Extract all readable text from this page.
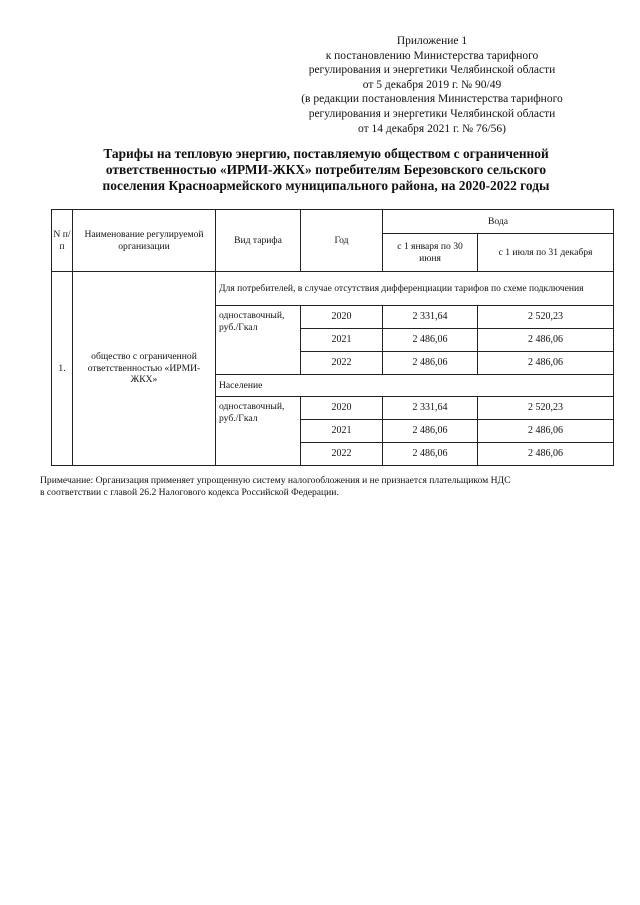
Приложение 1
к постановлению Министерства тарифного
регулирования и энергетики Челябинской области
от 5 декабря 2019 г. № 90/49
(в редакции постановления Министерства тарифного
регулирования и энергетики Челябинской области
от 14 декабря 2021 г. № 76/56)
Тарифы на тепловую энергию, поставляемую обществом с ограниченной
ответственностью «ИРМИ-ЖКХ» потребителям Березовского сельского
поселения Красноармейского муниципального района, на 2020-2022 годы
N п/п	Наименование регулируемой организации	Вид тарифа	Год	Вода	
				с 1 января по 30 июня	с 1 июля по 31 декабря
1.	общество с ограниченной ответственностью «ИРМИ-ЖКХ»	Для потребителей, в случае отсутствия дифференциации тарифов по схеме подключения			
		одноставочный, руб./Гкал	2020	2 331,64	2 520,23
			2021	2 486,06	2 486,06
			2022	2 486,06	2 486,06
		Население			
		одноставочный, руб./Гкал	2020	2 331,64	2 520,23
			2021	2 486,06	2 486,06
			2022	2 486,06	2 486,06
Примечание: Организация применяет упрощенную систему налогообложения и не признается плательщиком НДС
в соответствии с главой 26.2 Налогового кодекса Российской Федерации.
